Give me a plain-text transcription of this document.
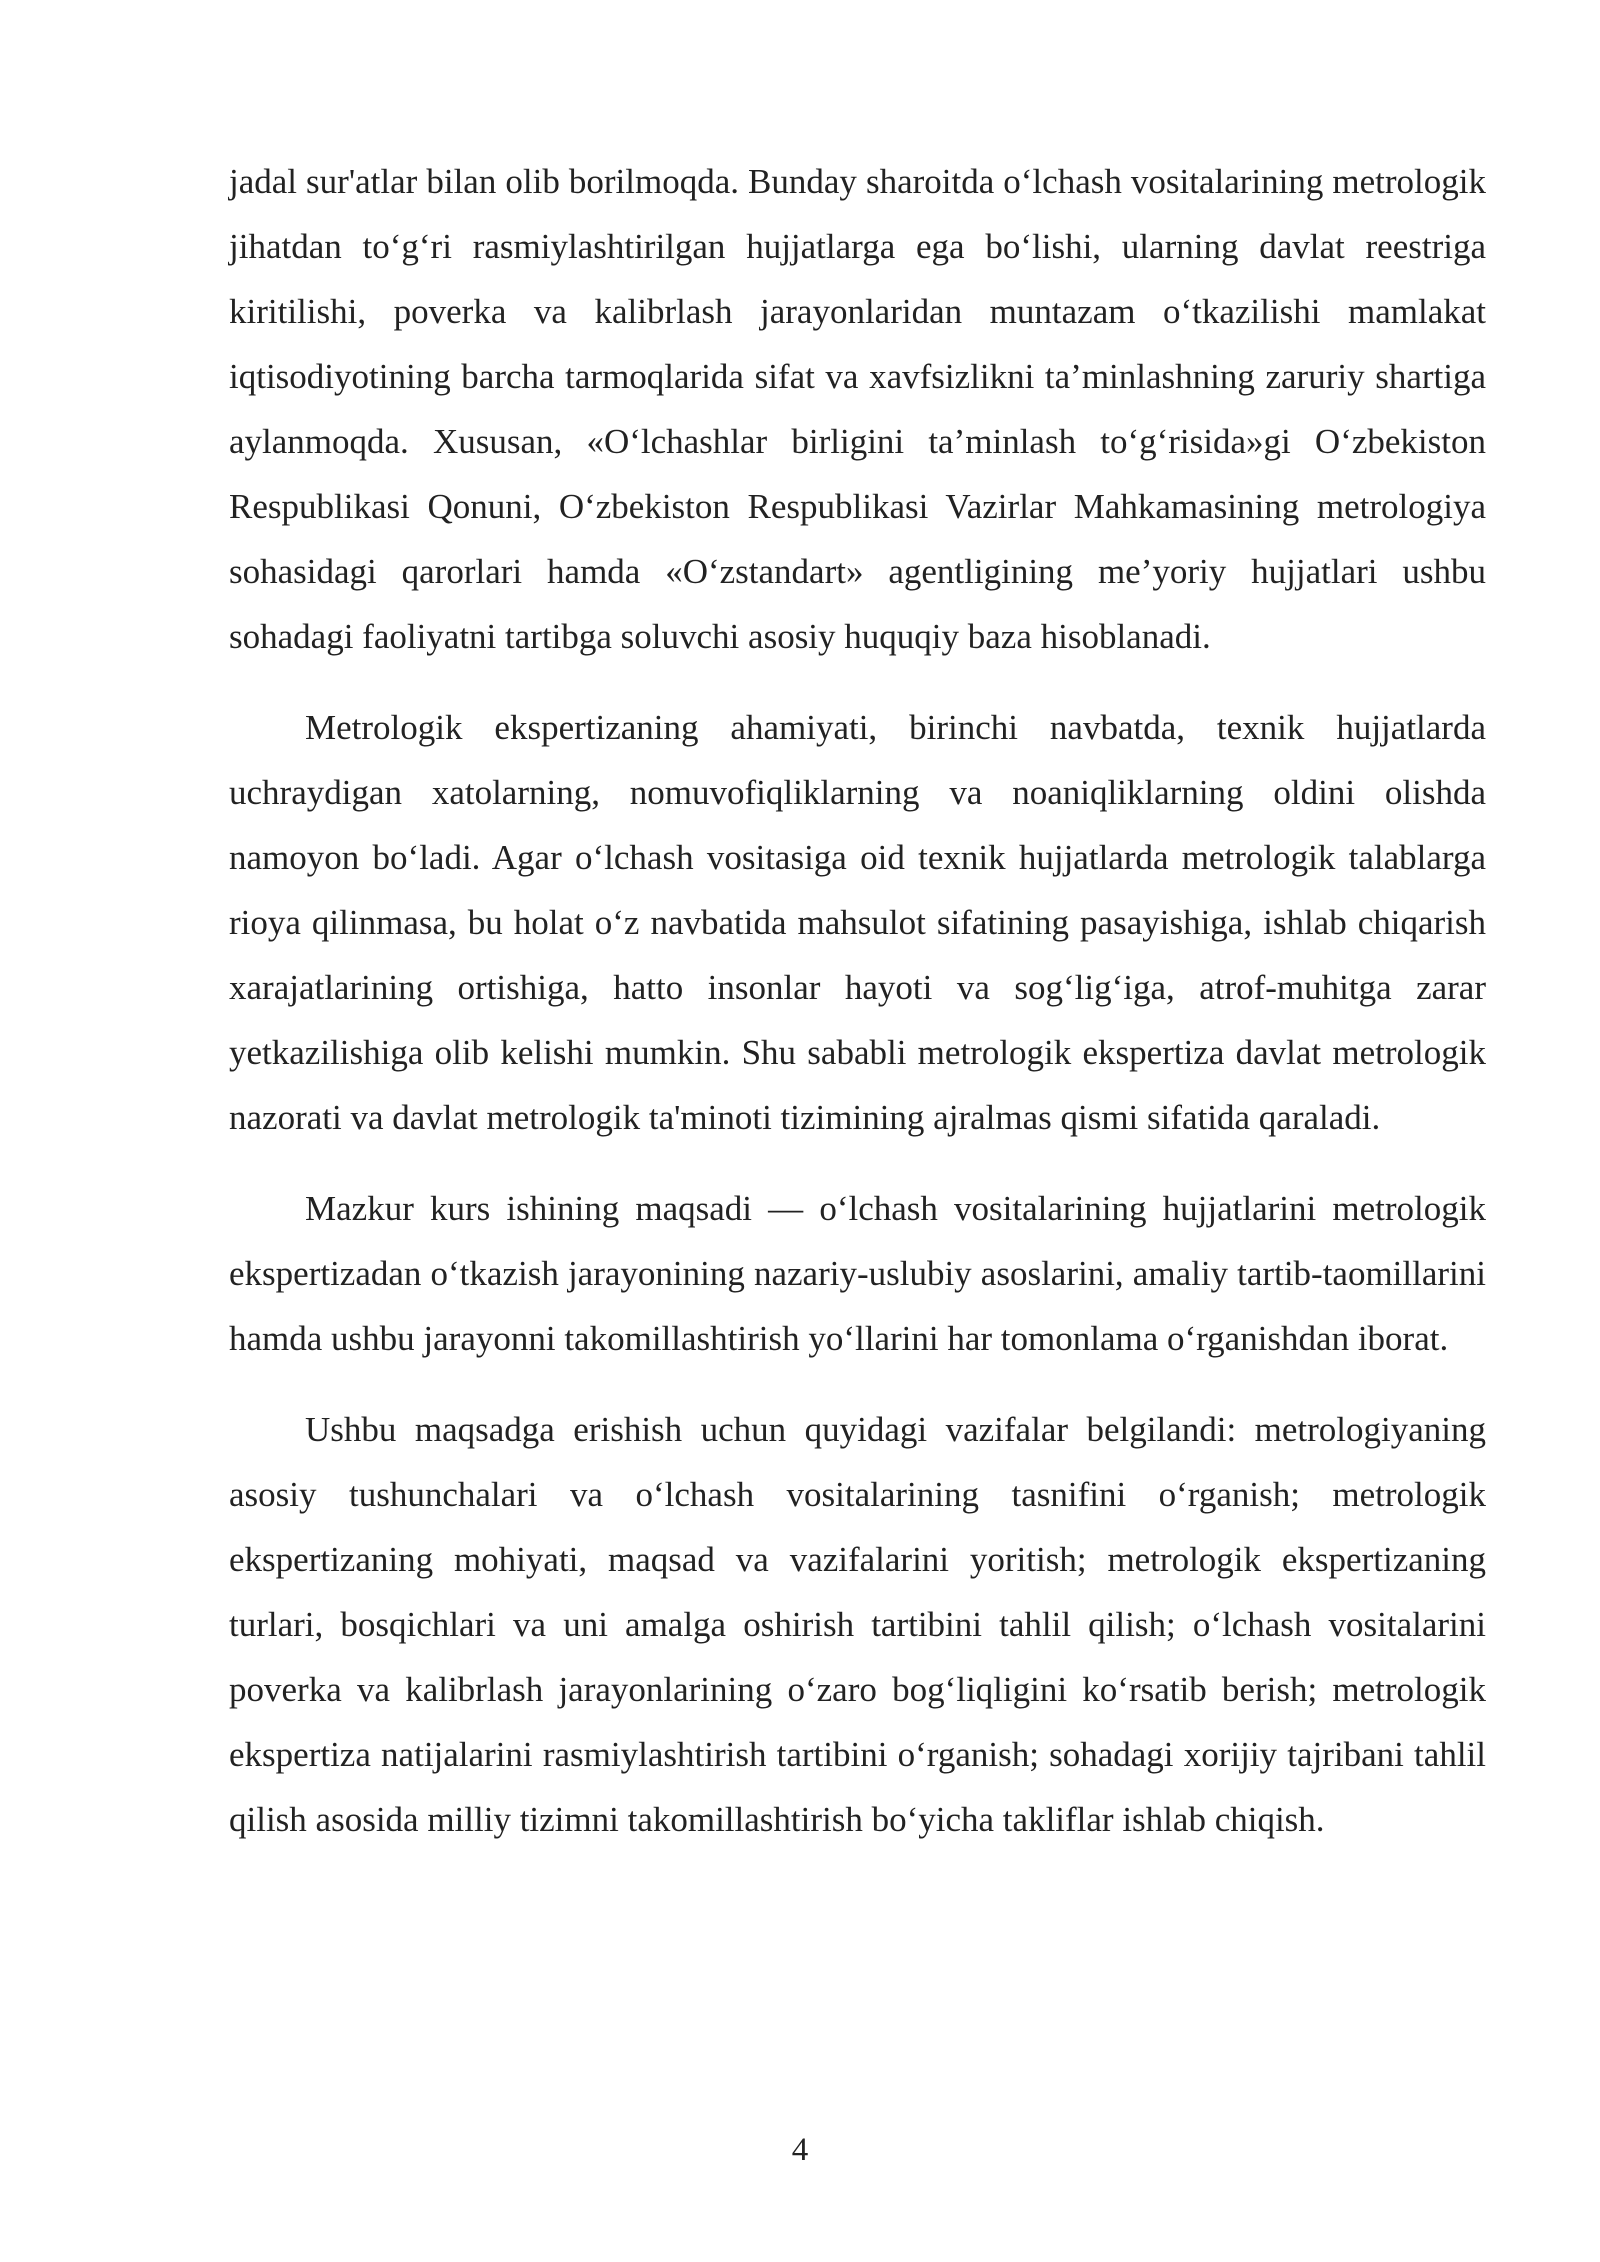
jadal sur'atlar bilan olib borilmoqda. Bunday sharoitda o‘lchash vositalarining metrologik jihatdan to‘g‘ri rasmiylashtirilgan hujjatlarga ega bo‘lishi, ularning davlat reestriga kiritilishi, poverka va kalibrlash jarayonlaridan muntazam o‘tkazilishi mamlakat iqtisodiyotining barcha tarmoqlarida sifat va xavfsizlikni ta’minlashning zaruriy shartiga aylanmoqda. Xususan, «O‘lchashlar birligini ta’minlash to‘g‘risida»gi O‘zbekiston Respublikasi Qonuni, O‘zbekiston Respublikasi Vazirlar Mahkamasining metrologiya sohasidagi qarorlari hamda «O‘zstandart» agentligining me’yoriy hujjatlari ushbu sohadagi faoliyatni tartibga soluvchi asosiy huquqiy baza hisoblanadi.

Metrologik ekspertizaning ahamiyati, birinchi navbatda, texnik hujjatlarda uchraydigan xatolarning, nomuvofiqliklarning va noaniqliklarning oldini olishda namoyon bo‘ladi. Agar o‘lchash vositasiga oid texnik hujjatlarda metrologik talablarga rioya qilinmasa, bu holat o‘z navbatida mahsulot sifatining pasayishiga, ishlab chiqarish xarajatlarining ortishiga, hatto insonlar hayoti va sog‘lig‘iga, atrof-muhitga zarar yetkazilishiga olib kelishi mumkin. Shu sababli metrologik ekspertiza davlat metrologik nazorati va davlat metrologik ta'minoti tizimining ajralmas qismi sifatida qaraladi.

Mazkur kurs ishining maqsadi — o‘lchash vositalarining hujjatlarini metrologik ekspertizadan o‘tkazish jarayonining nazariy-uslubiy asoslarini, amaliy tartib-taomillarini hamda ushbu jarayonni takomillashtirish yo‘llarini har tomonlama o‘rganishdan iborat.

Ushbu maqsadga erishish uchun quyidagi vazifalar belgilandi: metrologiyaning asosiy tushunchalari va o‘lchash vositalarining tasnifini o‘rganish; metrologik ekspertizaning mohiyati, maqsad va vazifalarini yoritish; metrologik ekspertizaning turlari, bosqichlari va uni amalga oshirish tartibini tahlil qilish; o‘lchash vositalarini poverka va kalibrlash jarayonlarining o‘zaro bog‘liqligini ko‘rsatib berish; metrologik ekspertiza natijalarini rasmiylashtirish tartibini o‘rganish; sohadagi xorijiy tajribani tahlil qilish asosida milliy tizimni takomillashtirish bo‘yicha takliflar ishlab chiqish.

4
